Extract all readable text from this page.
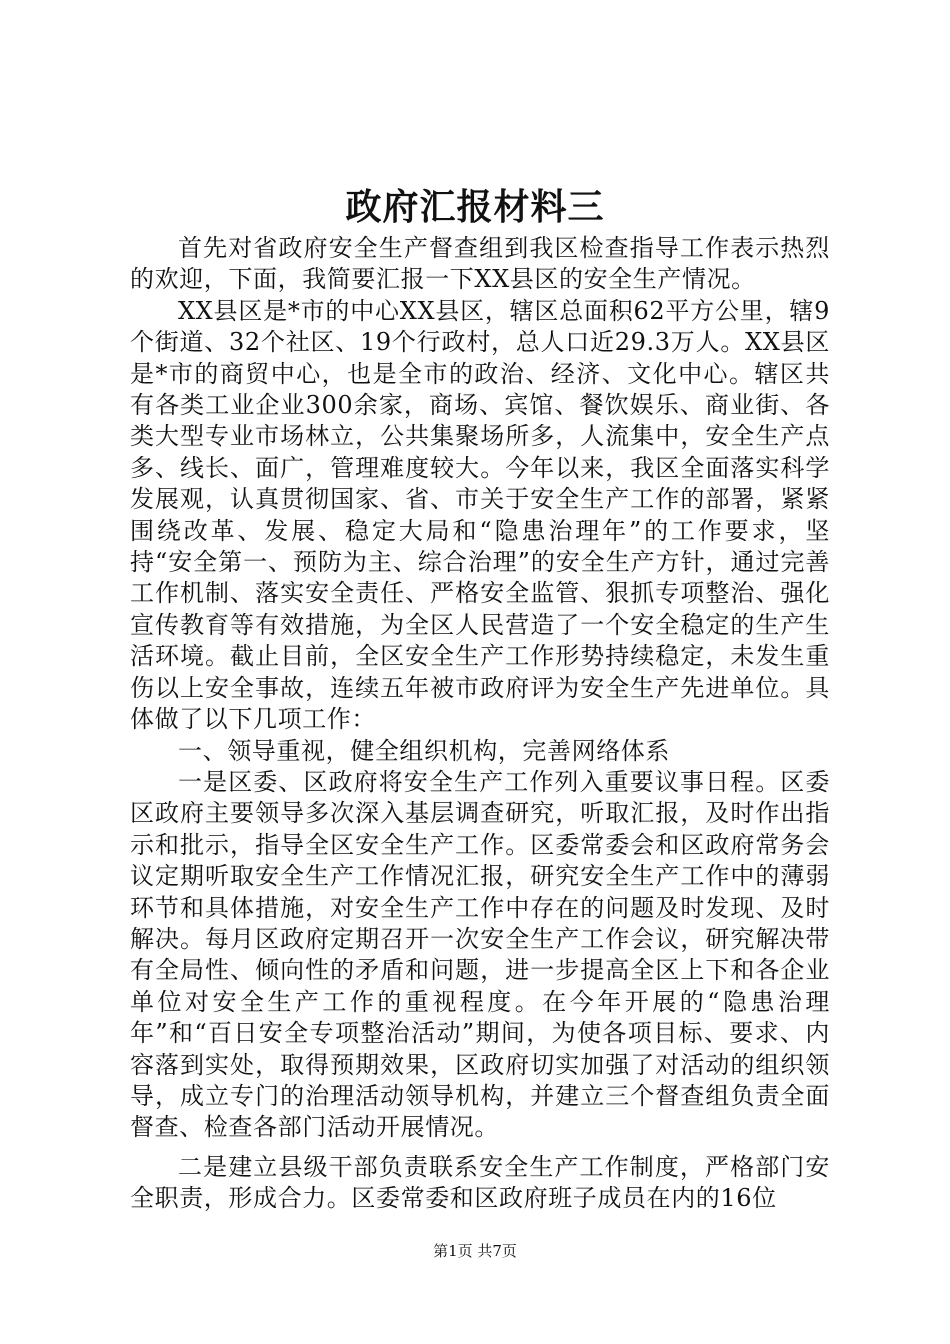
政府汇报材料三

首先对省政府安全生产督查组到我区检查指导工作表示热烈的欢迎，下面，我简要汇报一下XX县区的安全生产情况。

XX县区是*市的中心XX县区，辖区总面积62平方公里，辖9个街道、32个社区、19个行政村，总人口近29.3万人。XX县区是*市的商贸中心，也是全市的政治、经济、文化中心。辖区共有各类工业企业300余家，商场、宾馆、餐饮娱乐、商业街、各类大型专业市场林立，公共集聚场所多，人流集中，安全生产点多、线长、面广，管理难度较大。今年以来，我区全面落实科学发展观，认真贯彻国家、省、市关于安全生产工作的部署，紧紧围绕改革、发展、稳定大局和“隐患治理年”的工作要求，坚持“安全第一、预防为主、综合治理”的安全生产方针，通过完善工作机制、落实安全责任、严格安全监管、狠抓专项整治、强化宣传教育等有效措施，为全区人民营造了一个安全稳定的生产生活环境。截止目前，全区安全生产工作形势持续稳定，未发生重伤以上安全事故，连续五年被市政府评为安全生产先进单位。具体做了以下几项工作：

一、领导重视，健全组织机构，完善网络体系

一是区委、区政府将安全生产工作列入重要议事日程。区委区政府主要领导多次深入基层调查研究，听取汇报，及时作出指示和批示，指导全区安全生产工作。区委常委会和区政府常务会议定期听取安全生产工作情况汇报，研究安全生产工作中的薄弱环节和具体措施，对安全生产工作中存在的问题及时发现、及时解决。每月区政府定期召开一次安全生产工作会议，研究解决带有全局性、倾向性的矛盾和问题，进一步提高全区上下和各企业单位对安全生产工作的重视程度。在今年开展的“隐患治理年”和“百日安全专项整治活动”期间，为使各项目标、要求、内容落到实处，取得预期效果，区政府切实加强了对活动的组织领导，成立专门的治理活动领导机构，并建立三个督查组负责全面督查、检查各部门活动开展情况。

二是建立县级干部负责联系安全生产工作制度，严格部门安全职责，形成合力。区委常委和区政府班子成员在内的16位

第1页 共7页
